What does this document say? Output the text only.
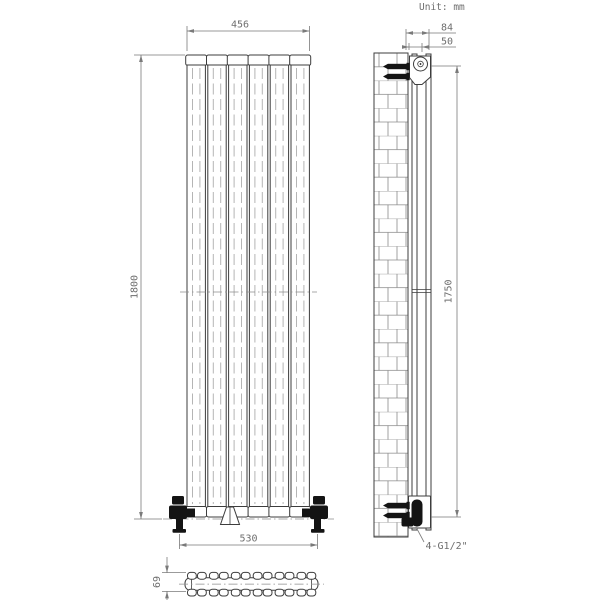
456
1800
530
84
50
1750
69
4-G1/2"
Unit: mm
